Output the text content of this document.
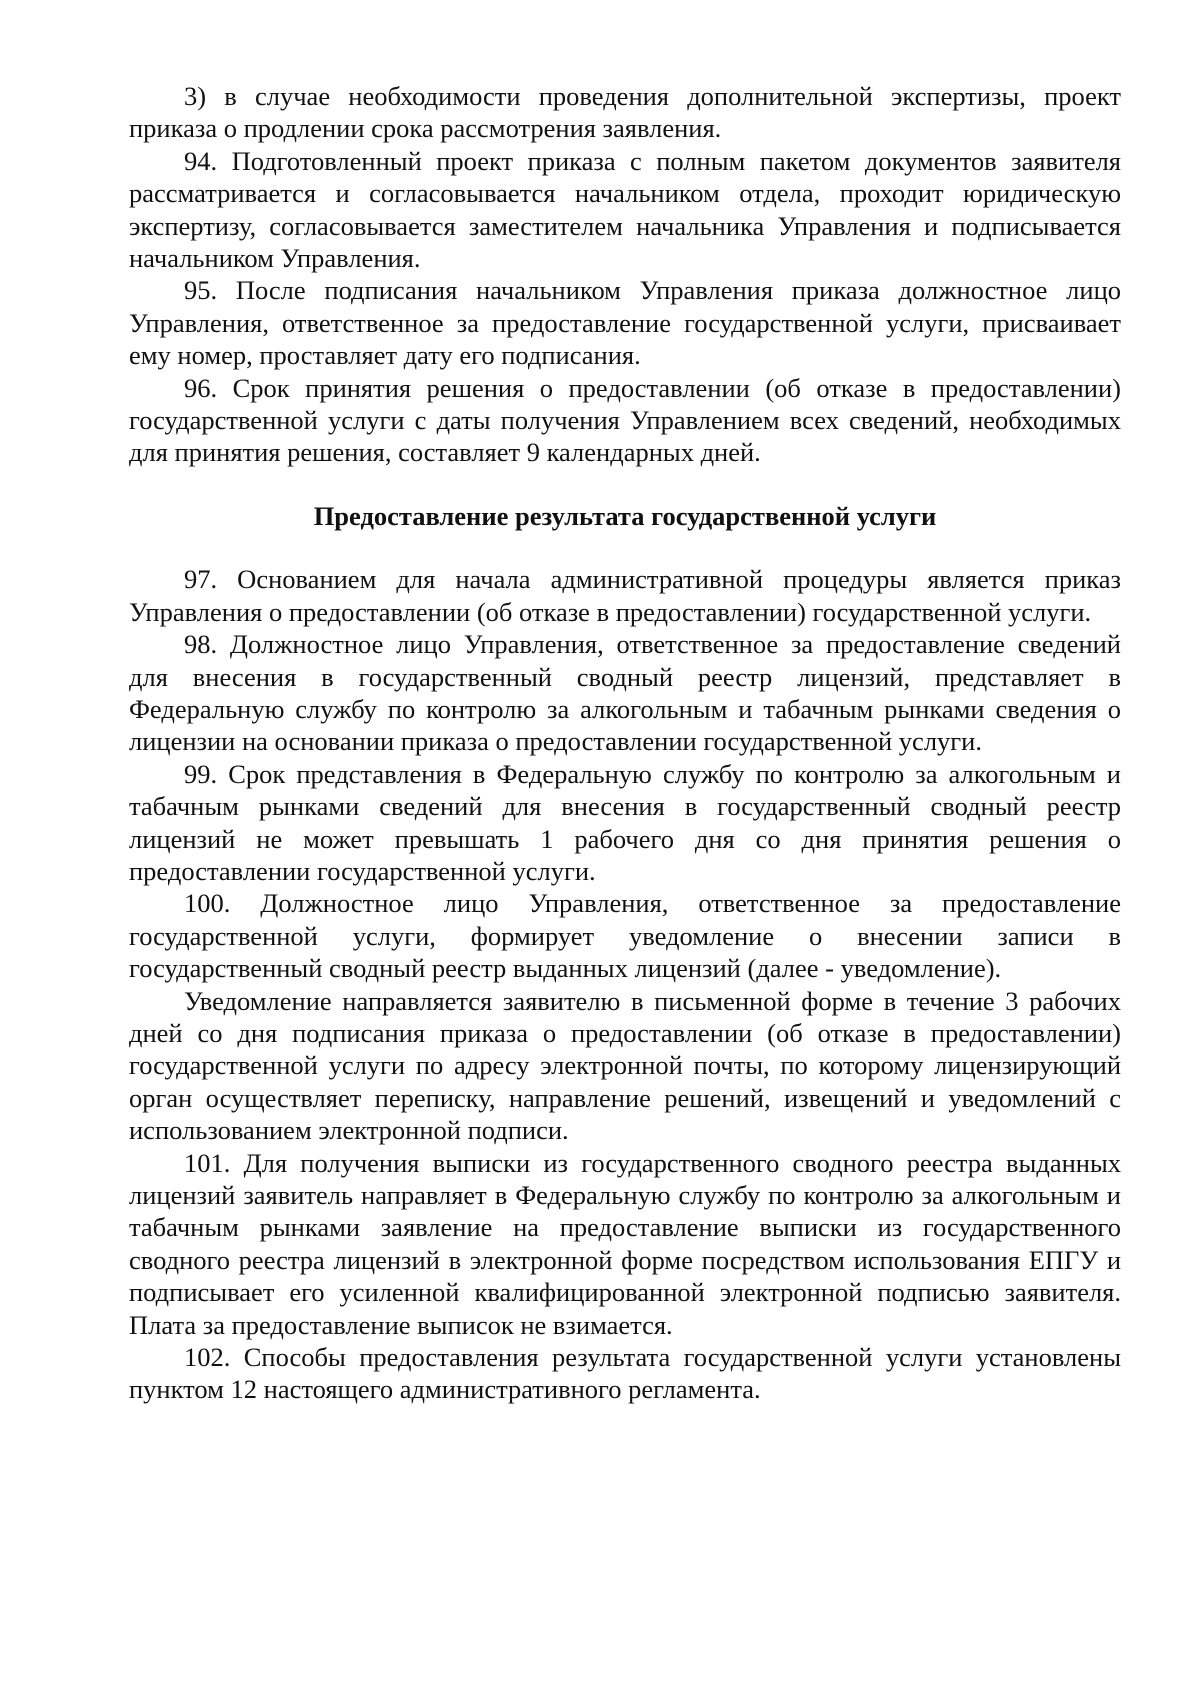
3) в случае необходимости проведения дополнительной экспертизы, проект приказа о продлении срока рассмотрения заявления.

94. Подготовленный проект приказа с полным пакетом документов заявителя рассматривается и согласовывается начальником отдела, проходит юридическую экспертизу, согласовывается заместителем начальника Управления и подписывается начальником Управления.

95. После подписания начальником Управления приказа должностное лицо Управления, ответственное за предоставление государственной услуги, присваивает ему номер, проставляет дату его подписания.

96. Срок принятия решения о предоставлении (об отказе в предоставлении) государственной услуги с даты получения Управлением всех сведений, необходимых для принятия решения, составляет 9 календарных дней.

Предоставление результата государственной услуги

97. Основанием для начала административной процедуры является приказ Управления о предоставлении (об отказе в предоставлении) государственной услуги.

98. Должностное лицо Управления, ответственное за предоставление сведений для внесения в государственный сводный реестр лицензий, представляет в Федеральную службу по контролю за алкогольным и табачным рынками сведения о лицензии на основании приказа о предоставлении государственной услуги.

99. Срок представления в Федеральную службу по контролю за алкогольным и табачным рынками сведений для внесения в государственный сводный реестр лицензий не может превышать 1 рабочего дня со дня принятия решения о предоставлении государственной услуги.

100. Должностное лицо Управления, ответственное за предоставление государственной услуги, формирует уведомление о внесении записи в государственный сводный реестр выданных лицензий (далее - уведомление).

Уведомление направляется заявителю в письменной форме в течение 3 рабочих дней со дня подписания приказа о предоставлении (об отказе в предоставлении) государственной услуги по адресу электронной почты, по которому лицензирующий орган осуществляет переписку, направление решений, извещений и уведомлений с использованием электронной подписи.

101. Для получения выписки из государственного сводного реестра выданных лицензий заявитель направляет в Федеральную службу по контролю за алкогольным и табачным рынками заявление на предоставление выписки из государственного сводного реестра лицензий в электронной форме посредством использования ЕПГУ и подписывает его усиленной квалифицированной электронной подписью заявителя. Плата за предоставление выписок не взимается.

102. Способы предоставления результата государственной услуги установлены пунктом 12 настоящего административного регламента.
